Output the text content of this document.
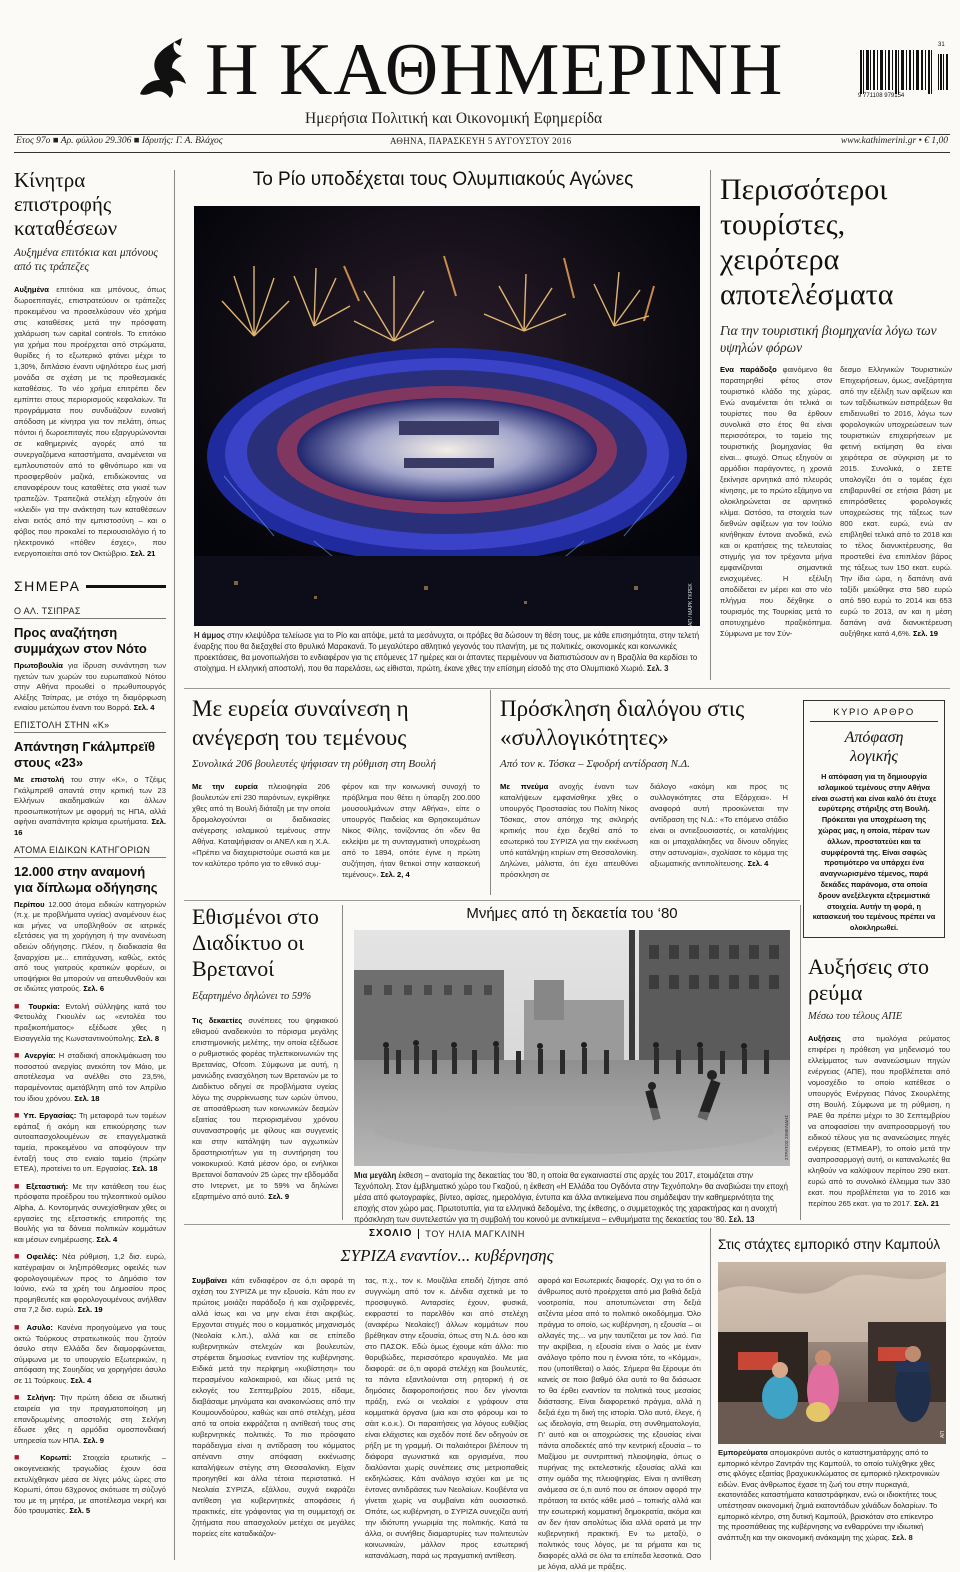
Η ΚΑΘΗΜΕΡΙΝΗ
Ημερήσια Πολιτική και Οικονομική Εφημερίδα
9 771108 979154
31
Ετος 97ο ■ Αρ. φύλλου 29.306 ■ Ιδρυτής: Γ. Α. Βλάχος	ΑΘΗΝΑ, ΠΑΡΑΣΚΕΥΗ 5 ΑΥΓΟΥΣΤΟΥ 2016	www.kathimerini.gr • € 1,00
Κίνητρα επιστροφής καταθέσεων
Αυξημένα επιτόκια και μπόνους από τις τράπεζες
Αυξημένα επιτόκια και μπόνους, όπως δωροεπιταγές, επιστρατεύουν οι τράπεζες προκειμένου να προσελκύσουν νέο χρήμα στις καταθέσεις μετά την πρόσφατη χαλάρωση των capital controls. Το επιτόκιο για χρήμα που προέρχεται από στρώματα, θυρίδες ή το εξωτερικό φτάνει μέχρι το 1,30%, διπλάσιο έναντι υψηλότερο έως μισή μονάδα σε σχέση με τις προθεσμιακές καταθέσεις. Το νέο χρήμα επιτρέπει δεν εμπίπτει στους περιορισμούς κεφαλαίων. Τα προγράμματα που συνδυάζουν ευνοϊκή απόδοση με κίνητρα για τον πελάτη, όπως πόντοι ή δωροεπιταγές που εξαργυρώνονται σε καθημερινές αγορές από τα συνεργαζόμενα καταστήματα, αναμένεται να εμπλουτιστούν από το φθινόπωρο και να προσφερθούν μαζικά, επιδιώκοντας να επαναφέρουν τους καταθέτες στα γκισέ των τραπεζών. Τραπεζικά στελέχη εξηγούν ότι «κλειδί» για την ανάκτηση των καταθέσεων είναι εκτός από την εμπιστοσύνη – και ο φόβος που προκαλεί το περιουσιολόγιο ή το ηλεκτρονικό «πόθεν έσχες», που ενεργοποιείται από τον Οκτώβριο. Σελ. 21
ΣΗΜΕΡΑ
Ο ΑΛ. ΤΣΙΠΡΑΣ
Προς αναζήτηση συμμάχων στον Νότο
Πρωτοβουλία για ίδρυση συνάντηση των ηγετών των χωρών του ευρωπαϊκού Νότου στην Αθήνα προωθεί ο πρωθυπουργός Αλέξης Τσίπρας, με στόχο τη διαμόρφωση ενιαίου μετώπου έναντι του Βορρά. Σελ. 4
ΕΠΙΣΤΟΛΗ ΣΤΗΝ «Κ»
Απάντηση Γκάλμπρεϊθ στους «23»
Με επιστολή του στην «Κ», ο Τζέιμς Γκάλμπρεϊθ απαντά στην κριτική των 23 Ελλήνων ακαδημαϊκών και άλλων προσωπικοτήτων με αφορμή τις ΗΠΑ, αλλά αφήνει αναπάντητα κρίσιμα ερωτήματα. Σελ. 16
ΑΤΟΜΑ ΕΙΔΙΚΩΝ ΚΑΤΗΓΟΡΙΩΝ
12.000 στην αναμονή για δίπλωμα οδήγησης
Περίπου 12.000 άτομα ειδικών κατηγοριών (π.χ. με προβλήματα υγείας) αναμένουν έως και μήνες να υποβληθούν σε ιατρικές εξετάσεις για τη χορήγηση ή την ανανέωση αδειών οδήγησης. Πλέον, η διαδικασία θα ξαναρχίσει με... επιτάχυνση, καθώς, εκτός από τους γιατρούς κρατικών φορέων, οι υποψήφιοι θα μπορούν να απευθυνθούν και σε ιδιώτες γιατρούς. Σελ. 6
■ Τουρκία: Εντολή σύλληψης κατά του Φετουλάχ Γκιουλέν ως «εντολέα του πραξικοπήματος» εξέδωσε χθες η Εισαγγελία της Κωνσταντινούπολης. Σελ. 8
■ Ανεργία: Η σταδιακή αποκλιμάκωση του ποσοστού ανεργίας ανεκόπη τον Μάιο, με αποτέλεσμα να ανέλθει στο 23,5%, παραμένοντας αμετάβλητη από τον Απρίλιο του ίδιου χρόνου. Σελ. 18
■ Υπ. Εργασίας: Τη μεταφορά των τομέων εφάπαξ ή ακόμη και επικούρησης των αυτοαπασχολουμένων σε επαγγελματικά ταμεία, προκειμένου να αποφύγουν την ένταξή τους στο ενιαίο ταμείο (πρώην ΕΤΕΑ), προτείνει το υπ. Εργασίας. Σελ. 18
■ Εξεταστική: Με την κατάθεση του έως πρόσφατα προέδρου του τηλεοπτικού ομίλου Alpha, Δ. Κοντομηνάς συνεχίσθηκαν χθες οι εργασίες της εξεταστικής επιτροπής της Βουλής για τα δάνεια πολιτικών κομμάτων και μέσων ενημέρωσης. Σελ. 4
■ Οφειλές: Νέα ρύθμιση, 1,2 δισ. ευρώ, κατέγραψαν οι ληξιπρόθεσμες οφειλές των φορολογουμένων προς το Δημόσιο τον Ιούνιο, ενώ τα χρέη του Δημοσίου προς προμηθευτές και φορολογουμένους ανήλθαν στα 7,2 δισ. ευρώ. Σελ. 19
■ Ασυλο: Κανένα προηγούμενο για τους οκτώ Τούρκους στρατιωτικούς που ζητούν άσυλο στην Ελλάδα δεν διαμορφώνεται, σύμφωνα με το υπουργείο Εξωτερικών, η απόφαση της Σουηδίας να χορηγήσει άσυλο σε 11 Τούρκους. Σελ. 4
■ Σελήνη: Την πρώτη άδεια σε ιδιωτική εταιρεία για την πραγματοποίηση μη επανδρωμένης αποστολής στη Σελήνη έδωσε χθες η αρμόδια ομοσπονδιακή υπηρεσία των ΗΠΑ. Σελ. 9
■ Κορωπί: Στοιχεία ερωτικής – οικογενειακής τραγωδίας έχουν όσα εκτυλίχθηκαν μέσα σε λίγες μόλις ώρες στο Κορωπί, όπου 63χρονος σκότωσε τη σύζυγό του με τη μητέρα, με αποτέλεσμα νεκρή και δύο τραυματίες. Σελ. 5
Το Ρίο υποδέχεται τους Ολυμπιακούς Αγώνες
ΑΠ / ΜΑΡΚ ΓΚΡΕΚ
Η άμμος στην κλεψύδρα τελείωσε για το Ρίο και απόψε, μετά τα μεσάνυχτα, οι πρόβες θα δώσουν τη θέση τους, με κάθε επισημότητα, στην τελετή έναρξης που θα διεξαχθεί στο θρυλικό Μαρακανά. Το μεγαλύτερο αθλητικό γεγονός του πλανήτη, με τις πολιτικές, οικονομικές και κοινωνικές προεκτάσεις, θα μονοπωλήσει το ενδιαφέρον για τις επόμενες 17 ημέρες και οι άπαντες περιμένουν να διαπιστώσουν αν η Βραζιλία θα κερδίσει το στοίχημα. Η ελληνική αποστολή, που θα παρελάσει, ως είθισται, πρώτη, έκανε χθες την επίσημη είσοδό της στο Ολυμπιακό Χωριό. Σελ. 3
Περισσότεροι τουρίστες, χειρότερα αποτελέσματα
Για την τουριστική βιομηχανία λόγω των υψηλών φόρων
Ενα παράδοξο φαινόμενο θα παρατηρηθεί φέτος στον τουριστικό κλάδο της χώρας. Ενώ αναμένεται ότι τελικά οι τουρίστες που θα έρθουν συνολικά στο έτος θα είναι περισσότεροι, το ταμείο της τουριστικής βιομηχανίας θα είναι... φτωχό. Οπως εξηγούν οι αρμόδιοι παράγοντες, η χρονιά ξεκίνησε αρνητικά από πλευράς κίνησης, με το πρώτο εξάμηνο να ολοκληρώνεται σε αρνητικό κλίμα. Ωστόσο, τα στοιχεία των διεθνών αφίξεων για τον Ιούλιο κινήθηκαν έντονα ανοδικά, ενώ και οι κρατήσεις της τελευταίας στιγμής για τον τρέχοντα μήνα εμφανίζονται σημαντικά ενισχυμένες. Η εξέλιξη αποδίδεται εν μέρει και στο νέο πλήγμα που δέχθηκε ο τουρισμός της Τουρκίας μετά το αποτυχημένο πραξικόπημα. Σύμφωνα με τον Σύν-
δεσμο Ελληνικών Τουριστικών Επιχειρήσεων, όμως, ανεξάρτητα από την εξέλιξη των αφίξεων και των ταξιδιωτικών εισπράξεων θα επιδεινωθεί το 2016, λόγω των φορολογικών υποχρεώσεων των τουριστικών επιχειρήσεων με φετινή εκτίμηση θα είναι χειρότερα σε σύγκριση με το 2015. Συνολικά, ο ΣΕΤΕ υπολογίζει ότι ο τομέας έχει επιβαρυνθεί σε ετήσια βάση με επιπρόσθετες φορολογικές υποχρεώσεις της τάξεως των 800 εκατ. ευρώ, ενώ αν επιβληθεί τελικά από το 2018 και το τέλος διανυκτέρευσης, θα προστεθεί ένα επιπλέον βάρος της τάξεως των 150 εκατ. ευρώ. Την ίδια ώρα, η δαπάνη ανά ταξίδι μειώθηκε στα 580 ευρώ από 590 ευρώ το 2014 και 653 ευρώ το 2013, αν και η μέση δαπάνη ανά διανυκτέρευση αυξήθηκε κατά 4,6%. Σελ. 19
Με ευρεία συναίνεση η ανέγερση του τεμένους
Συνολικά 206 βουλευτές ψήφισαν τη ρύθμιση στη Βουλή
Με την ευρεία πλειοψηφία 206 βουλευτών επί 230 παρόντων, εγκρίθηκε χθες από τη Βουλή διάταξη με την οποία δρομολογούνται οι διαδικασίες ανέγερσης ισλαμικού τεμένους στην Αθήνα. Καταψήφισαν οι ΑΝΕΛ και η Χ.Α. «Πρέπει να διαχειριστούμε σωστά και με τον καλύτερο τρόπο για το εθνικό συμ-
φέρον και την κοινωνική συνοχή το πρόβλημα που θέτει η ύπαρξη 200.000 μουσουλμάνων στην Αθήνα», είπε ο υπουργός Παιδείας και Θρησκευμάτων Νίκος Φίλης, τονίζοντας ότι «δεν θα εκλείψει με τη συνταγματική υποχρέωση από το 1894, οπότε έγινε η πρώτη συζήτηση, ήταν θετικοί στην κατασκευή τεμένους». Σελ. 2, 4
Πρόσκληση διαλόγου στις «συλλογικότητες»
Από τον κ. Τόσκα – Σφοδρή αντίδραση Ν.Δ.
Με πνεύμα ανοχής έναντι των καταλήψεων εμφανίσθηκε χθες ο υπουργός Προστασίας του Πολίτη Νίκος Τόσκας, στον απόηχο της σκληρής κριτικής που έχει δεχθεί από το εσωτερικό του ΣΥΡΙΖΑ για την εκκένωση υπό κατάληψη κτιρίων στη Θεσσαλονίκη. Δηλώνει, μάλιστα, ότι έχει απευθύνει πρόσκληση σε
διάλογο «ακόμη και προς τις συλλογικότητες στα Εξάρχεια». Η αναφορά αυτή προοιώνεται την αντίδραση της Ν.Δ.: «Το επόμενο στάδιο είναι οι αντιεξουσιαστές, οι καταλήψεις και οι μπαχαλάκηδες να δίνουν οδηγίες στην αστυνομία», σχολίασε το κόμμα της αξιωματικής αντιπολίτευσης. Σελ. 4
ΚΥΡΙΟ ΑΡΘΡΟ
Απόφαση λογικής
Η απόφαση για τη δημιουργία ισλαμικού τεμένους στην Αθήνα είναι σωστή και είναι καλό ότι έτυχε ευρύτερης στήριξης στη Βουλή. Πρόκειται για υποχρέωση της χώρας μας, η οποία, πέραν των άλλων, προστατεύει και τα συμφέροντά της. Είναι σαφώς προτιμότερο να υπάρχει ένα αναγνωρισμένο τέμενος, παρά δεκάδες παράνομα, στα οποία δρουν ανεξέλεγκτα εξτρεμιστικά στοιχεία. Αυτήν τη φορά, η κατασκευή του τεμένους πρέπει να ολοκληρωθεί.
Εθισμένοι στο Διαδίκτυο οι Βρετανοί
Εξαρτημένο δηλώνει το 59%
Τις δεκαετίες συνέπειες του ψηφιακού εθισμού αναδεικνύει το πόρισμα μεγάλης επιστημονικής μελέτης, την οποία εξέδωσε ο ρυθμιστικός φορέας τηλεπικοινωνιών της Βρετανίας, Ofcom. Σύμφωνα με αυτή, η μανιώδης ενασχόληση των Βρετανών με το Διαδίκτυο οδηγεί σε προβλήματα υγείας λόγω της συρρίκνωσης των ωρών ύπνου, σε αποσάθρωση των κοινωνικών δεσμών εξαιτίας του περιορισμένου χρόνου συναναστροφής με φίλους και συγγενείς και στην κατάληψη των αγχωτικών δραστηριοτήτων για τη συντήρηση του νοικοκυριού. Κατά μέσον όρο, οι ενήλικοι Βρετανοί δαπανούν 25 ώρες την εβδομάδα στο Ιντερνετ, με το 59% να δηλώνει εξαρτημένο από αυτό. Σελ. 9
Μνήμες από τη δεκαετία του ‘80
ΣΤΡΑΤΟΣ ΣΙΜΕΛΙΔΗΣ
Μια μεγάλη έκθεση – ανατομία της δεκαετίας του ‘80, η οποία θα εγκαινιαστεί στις αρχές του 2017, ετοιμάζεται στην Τεχνόπολη. Στον έμβληματικό χώρο του Γκαζιού, η έκθεση «Η Ελλάδα του Ογδόντα στην Τεχνόπολη» θα αναβιώσει την εποχή μέσα από φωτογραφίες, βίντεο, αφίσες, ημερολόγια, έντυπα και άλλα αντικείμενα που σημάδεψαν την καθημερινότητα της εποχής στον χώρο μας. Πρωτοτυπία, για τα ελληνικά δεδομένα, της έκθεσης, ο συμμετοχικός της χαρακτήρας και η ανοιχτή πρόσκληση των συντελεστών για τη συμβολή του κοινού με αντικείμενα – ενθυμήματα της δεκαετίας του ‘80. Σελ. 13
Αυξήσεις στο ρεύμα
Μέσω του τέλους ΑΠΕ
Αυξήσεις στα τιμολόγια ρεύματος επιφέρει η πρόθεση για μηδενισμό του ελλείμματος των ανανεώσιμων πηγών ενέργειας (ΑΠΕ), που προβλέπεται από νομοσχέδιο το οποίο κατέθεσε ο υπουργός Ενέργειας Πάνος Σκουρλέτης στη Βουλή. Σύμφωνα με τη ρύθμιση, η ΡΑΕ θα πρέπει μέχρι το 30 Σεπτεμβρίου να αποφασίσει την αναπροσαρμογή του ειδικού τέλους για τις ανανεώσιμες πηγές ενέργειας (ΕΤΜΕΑΡ), το οποίο μετά την αναπροσαρμογή αυτή, οι καταναλωτές θα κληθούν να καλύψουν περίπου 290 εκατ. ευρώ από το συνολικό έλλειμμα των 330 εκατ. που προβλέπεται για το 2016 και περίπου 265 εκατ. για το 2017. Σελ. 21
ΣΧΟΛΙΟ ΤΟΥ ΗΛΙΑ ΜΑΓΚΛΙΝΗ
ΣΥΡΙΖΑ εναντίον... κυβέρνησης
Συμβαίνει κάτι ενδιαφέρον σε ό,τι αφορά τη σχέση του ΣΥΡΙΖΑ με την εξουσία. Κάτι που εν πρώτοις μοιάζει παράδοξο ή και σχιζοφρενές, αλλά ίσως και να μην είναι έτσι ακριβώς. Ερχονται στιγμές που ο κομματικός μηχανισμός (Νεολαία κ.λπ.), αλλά και σε επίπεδο κυβερνητικών στελεχών και βουλευτών, στρέφεται δημοσίως εναντίον της κυβέρνησης. Ειδικά μετά την περίφημη «κυβίστηση» του περασμένου καλοκαιριού, και ιδίως μετά τις εκλογές του Σεπτεμβρίου 2015, είδαμε, διαβάσαμε μηνύματα και ανακοινώσεις από την Κουμουνδούρου, καθώς και από στελέχη, μέσα από τα οποία εκφράζεται η αντίθεσή τους στις κυβερνητικές πολιτικές. Το πιο πρόσφατο παράδειγμα είναι η αντίδραση του κόμματος απέναντι στην απόφαση εκκένωσης καταλήψεων στέγης στη Θεσσαλονίκη. Είχαν προηγηθεί και άλλα τέτοια περιστατικά. Η Νεολαία ΣΥΡΙΖΑ, εξάλλου, συχνά εκφράζει αντίθεση για κυβερνητικές αποφάσεις ή πρακτικές, είτε γράφοντας για τη συμμετοχή σε ζητήματα που απασχολούν μετέχει σε μεγάλες πορείες είτε καταδικάζον-
τας, π.χ., τον κ. Μουζάλα επειδή ζήτησε από συγγνώμη από τον κ. Δένδια σχετικά με το προσφυγικό. Ανταρσίες έχουν, φυσικά, εκφραστεί το παρελθόν και από στελέχη (αναφέρω Νεολαίες!) άλλων κομμάτων που βρέθηκαν στην εξουσία, όπως στη Ν.Δ. όσο και στο ΠΑΣΟΚ. Εδώ όμως έχουμε κάτι άλλο: πιο θορυβώδες, περισσότερο κραυγαλέο. Με μια διαφορά: σε ό,τι αφορά στελέχη και βουλευτές, τα πάντα εξαντλούνται στη ρητορική ή σε δημόσιες διαφοροποιήσεις που δεν γίνονται πράξη, ενώ οι νεολαίοι ε γράφουν στα κομματικά όργανα (μια και στο φόρουμ και το σάιτ κ.ο.κ.). Οι παραιτήσεις για λόγους ευθιξίας είναι ελάχιστες και σχεδόν ποτέ δεν οδηγούν σε ρήξη με τη γραμμή. Οι παλαιότεροι βλέπουν τη διάφορα αγωνιστικά και οργισμένα, που διαλύονται χωρίς συνέπειες στις μετριοπαθείς εκδηλώσεις. Κάτι ανάλογο ισχύει και με τις έντονες αντιδράσεις των Νεολαίων. Κουβέντα να γίνεται χωρίς να συμβαίνει κάτι ουσιαστικό. Οπότε, ως κυβέρνηση, ο ΣΥΡΙΖΑ συνεχίζει αυτή την ιδιότυπη γνωριμία της πολιτικής. Κατά τα άλλα, οι συνήθεις διαμαρτυρίες των πολιτευτών κοινωνικών, μάλλον προς εσωτερική κατανάλωση, παρά ως πραγματική αντίθεση.
αφορά και Εσωτερικές διαφορές. Οχι για το ότι ο άνθρωπος αυτό προέρχεται από μια βαθιά δεξιά νοοτροπία, που αποτυπώνεται στη δεξιά ατζέντα μέσα από το πολιτικό οικοδόμημα. Όλο πράγμα το οποίο, ως κυβέρνηση, η εξουσία – οι αλλαγές της... να μην ταυτίζεται με τον λαό. Για την ακρίβεια, η εξουσία είναι ο λαός με έναν ανάλογο τρόπο που η έννοια τότε, το «Κόμμα», που (υποτίθεται) ο λαός. Σήμερα θα ξέρουμε ότι κανείς σε ποιο βαθμό όλα αυτά το θα διάσωσε το θα έρθει εναντίον τα πολιτικά τους μεσαίας διάστασης. Είναι διαφορετικό πράγμα, αλλά η δεξιά έχει τη δική της ιστορία. Όλο αυτό, έλεγε, ή ως ιδεολογία, στη θεωρία, στη συνθηματολογία, Γι' αυτό και οι αποχρώσεις της εξουσίας είναι πάντα αποδεκτές από την κεντρική εξουσία – το Μαξίμου με συντριπτική πλειοψηφία, όπως ο πυρήνας της εκτελεστικής εξουσίας αλλά και στην ομάδα της πλειοψηφίας. Είναι η αντίθεση ανάμεσα σε ό,τι αυτό που σε όποιον αφορά την πρόταση τα εκτός κάθε μισό – τοπικής αλλά και την εσωτερική κομματική δημοκρατία, ακόμα και αν δεν ήταν απολύτως ίδια αλλά ορατά με την κυβερνητική πρακτική. Εν τω μεταξύ, ο πολιτικός τους λόγος, με τα ρήματα και τις διαφορές αλλά σε όλα τα επίπεδα λεσοτικά. Οσο με λόγια, αλλά με πράξεις.
Στις στάχτες εμπορικό στην Καμπούλ
ΑΠ
Εμπορεύματα απομακρύνει αυτός ο καταστηματάρχης από το εμπορικό κέντρο Ζαντράν της Καμπούλ, το οποίο τυλίχθηκε χθες στις φλόγες εξαιτίας βραχυκυκλώματος σε εμπορικό ηλεκτρονικών ειδών. Ενας άνθρωπος έχασε τη ζωή του στην πυρκαγιά, εκατοντάδες καταστήματα καταστράφηκαν, ενώ οι ιδιοκτήτες τους υπέστησαν οικονομική ζημιά εκατοντάδων χιλιάδων δολαρίων. Το εμπορικό κέντρο, στη δυτική Καμπούλ, βρισκόταν στο επίκεντρο της προσπάθειας της κυβέρνησης να ενθαρρύνει την ιδιωτική ανάπτυξη και την οικονομική ανάκαμψη της χώρας. Σελ. 8
